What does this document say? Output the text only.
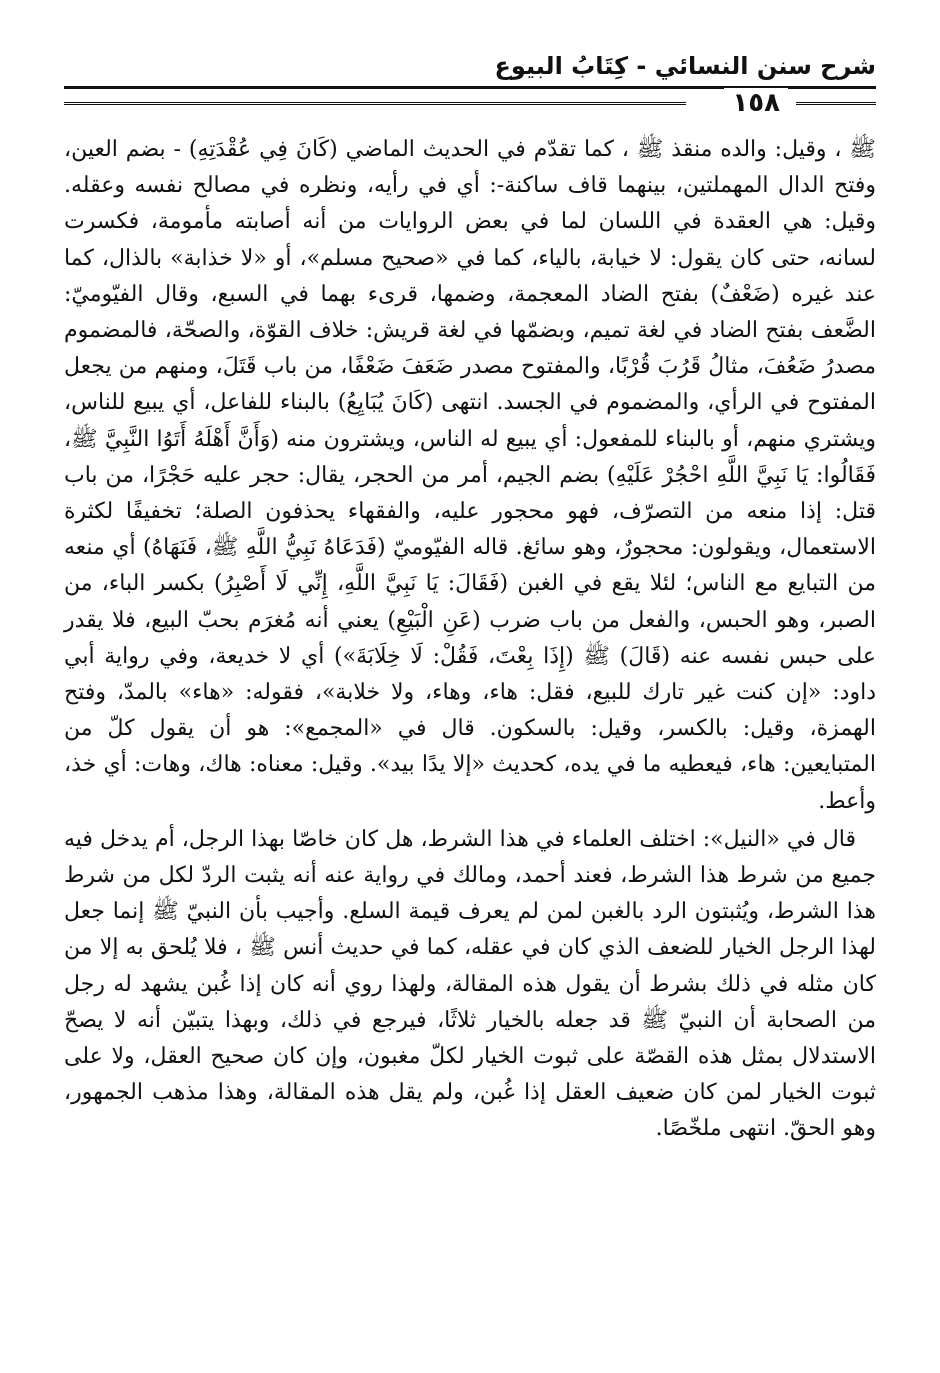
شرح سنن النسائي - كِتَابُ البيوع
١٥٨

ﷺ ، وقيل: والده منقذ ﷺ ، كما تقدّم في الحديث الماضي (كَانَ فِي عُقْدَتِهِ) - بضم العين، وفتح الدال المهملتين، بينهما قاف ساكنة-: أي في رأيه، ونظره في مصالح نفسه وعقله. وقيل: هي العقدة في اللسان لما في بعض الروايات من أنه أصابته مأمومة، فكسرت لسانه، حتى كان يقول: لا خيابة، بالياء، كما في «صحيح مسلم»، أو «لا خذابة» بالذال، كما عند غيره (ضَعْفٌ) بفتح الضاد المعجمة، وضمها، قرىء بهما في السبع، وقال الفيّوميّ: الضَّعف بفتح الضاد في لغة تميم، وبضمّها في لغة قريش: خلاف القوّة، والصحّة، فالمضموم مصدرُ ضَعُفَ، مثالُ قَرُبَ قُرْبًا، والمفتوح مصدر ضَعَفَ ضَعْفًا، من باب قَتَلَ، ومنهم من يجعل المفتوح في الرأي، والمضموم في الجسد. انتهى (كَانَ يُبَايِعُ) بالبناء للفاعل، أي يبيع للناس، ويشتري منهم، أو بالبناء للمفعول: أي يبيع له الناس، ويشترون منه (وَأَنَّ أَهْلَهُ أَتَوُا النَّبِيَّ ﷺ، فَقَالُوا: يَا نَبِيَّ اللَّهِ احْجُرْ عَلَيْهِ) بضم الجيم، أمر من الحجر، يقال: حجر عليه حَجْرًا، من باب قتل: إذا منعه من التصرّف، فهو محجور عليه، والفقهاء يحذفون الصلة؛ تخفيفًا لكثرة الاستعمال، ويقولون: محجورٌ، وهو سائغ. قاله الفيّوميّ (فَدَعَاهُ نَبِيُّ اللَّهِ ﷺ، فَنَهَاهُ) أي منعه من التبايع مع الناس؛ لئلا يقع في الغبن (فَقَالَ: يَا نَبِيَّ اللَّهِ، إِنِّي لَا أَصْبِرُ) بكسر الباء، من الصبر، وهو الحبس، والفعل من باب ضرب (عَنِ الْبَيْعِ) يعني أنه مُغرَم بحبّ البيع، فلا يقدر على حبس نفسه عنه (قَالَ) ﷺ (إِذَا بِعْتَ، فَقُلْ: لَا خِلَابَةَ») أي لا خديعة، وفي رواية أبي داود: «إن كنت غير تارك للبيع، فقل: هاء، وهاء، ولا خلابة»، فقوله: «هاء» بالمدّ، وفتح الهمزة، وقيل: بالكسر، وقيل: بالسكون. قال في «المجمع»: هو أن يقول كلّ من المتبايعين: هاء، فيعطيه ما في يده، كحديث «إلا يدًا بيد». وقيل: معناه: هاك، وهات: أي خذ، وأعط.

قال في «النيل»: اختلف العلماء في هذا الشرط، هل كان خاصّا بهذا الرجل، أم يدخل فيه جميع من شرط هذا الشرط، فعند أحمد، ومالك في رواية عنه أنه يثبت الردّ لكل من شرط هذا الشرط، ويُثبتون الرد بالغبن لمن لم يعرف قيمة السلع. وأجيب بأن النبيّ ﷺ إنما جعل لهذا الرجل الخيار للضعف الذي كان في عقله، كما في حديث أنس ﷺ ، فلا يُلحق به إلا من كان مثله في ذلك بشرط أن يقول هذه المقالة، ولهذا روي أنه كان إذا غُبن يشهد له رجل من الصحابة أن النبيّ ﷺ قد جعله بالخيار ثلاثًا، فيرجع في ذلك، وبهذا يتبيّن أنه لا يصحّ الاستدلال بمثل هذه القصّة على ثبوت الخيار لكلّ مغبون، وإن كان صحيح العقل، ولا على ثبوت الخيار لمن كان ضعيف العقل إذا غُبن، ولم يقل هذه المقالة، وهذا مذهب الجمهور، وهو الحقّ. انتهى ملخّصًا.
